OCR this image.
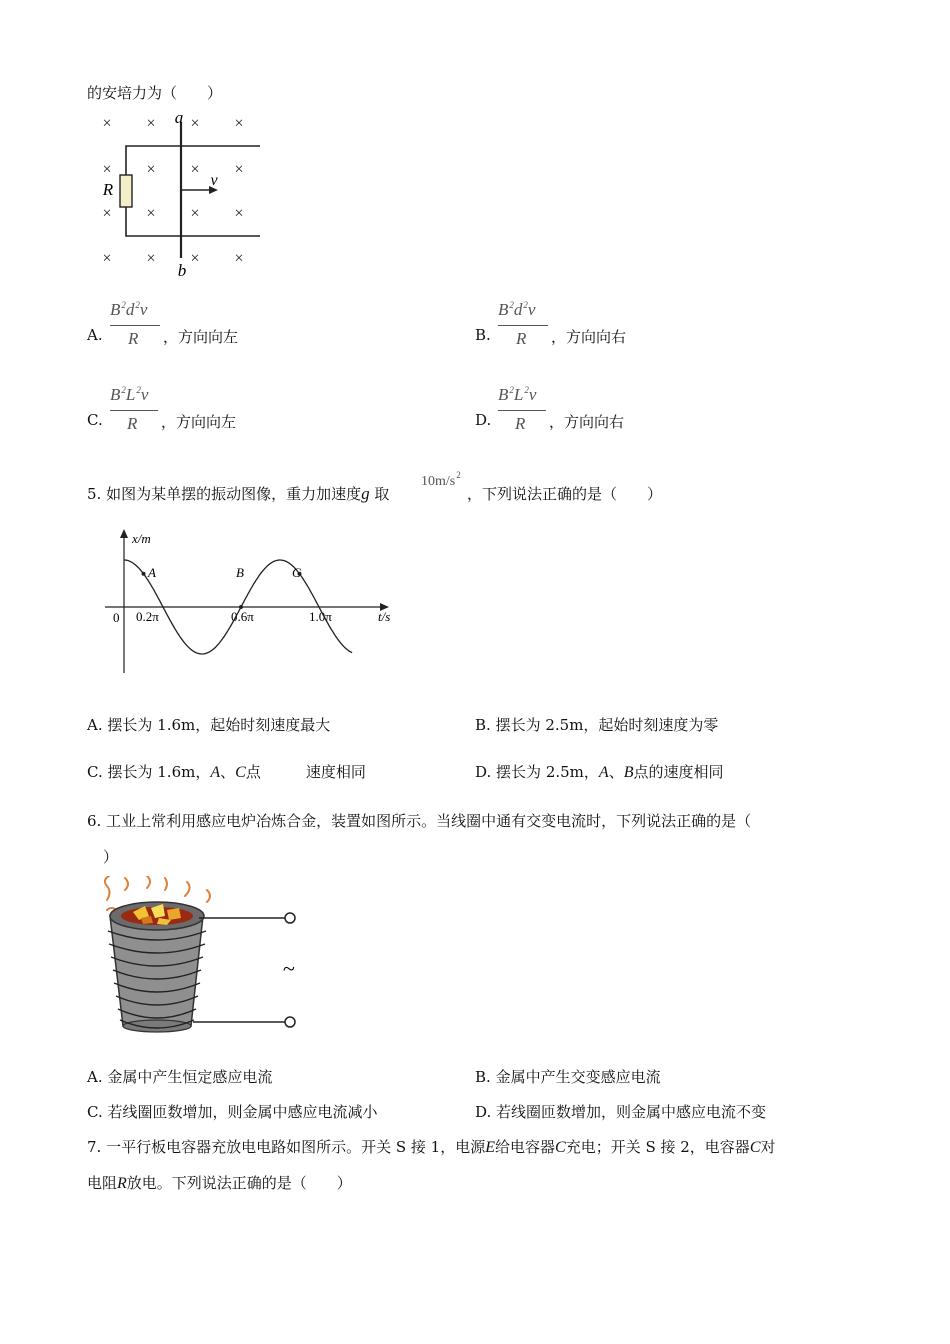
的安培力为（　　）
× × × ×
× × × ×
× × × ×
× × × ×
R
a
b
v
A.
$B^2d^2v$
R ，方向向左	B.
$B^2d^2v$
R ，方向向右
C.
$B^2L^2v$
R ，方向向左	D.
$B^2L^2v$
R ，方向向右
5. 如图为某单摆的振动图像，重力加速度g 取
$10m/s^2$
，下列说法正确的是（　　）
x/m
t/s
0 0.2π	0.6π	1.0π
A	B	C
A. 摆长为 1.6m，起始时刻速度最大	B. 摆长为 2.5m，起始时刻速度为零
C. 摆长为 1.6m，A、C点　　　速度相同	D. 摆长为 2.5m，A、B点的速度相同
6. 工业上常利用感应电炉冶炼合金，装置如图所示。当线圈中通有交变电流时，下列说法正确的是（
）
~
A. 金属中产生恒定感应电流	B. 金属中产生交变感应电流
C. 若线圈匝数增加，则金属中感应电流减小	D. 若线圈匝数增加，则金属中感应电流不变
7. 一平行板电容器充放电电路如图所示。开关 S 接 1，电源E给电容器C充电；开关 S 接 2，电容器C对
电阻R放电。下列说法正确的是（　　）
